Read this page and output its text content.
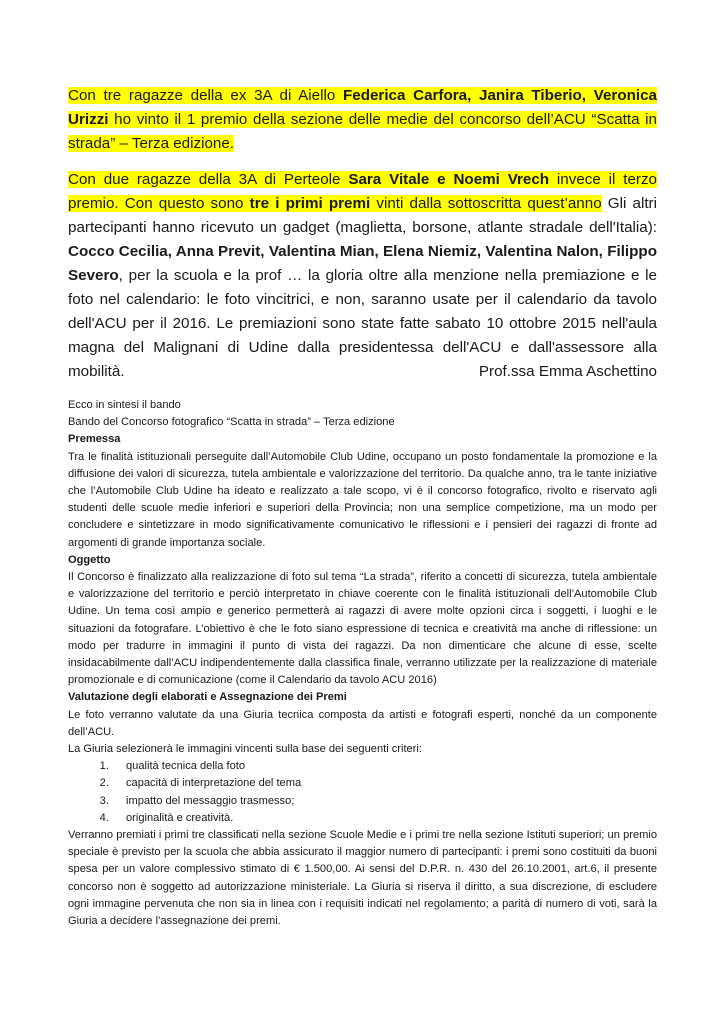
Con tre ragazze della ex 3A di Aiello Federica Carfora, Janira Tiberio, Veronica Urizzi ho vinto il 1 premio della sezione delle medie del concorso dell’ACU “Scatta in strada” – Terza edizione.

Con due ragazze della 3A di Perteole Sara Vitale e Noemi Vrech invece il terzo premio. Con questo sono tre i primi premi vinti dalla sottoscritta quest’anno Gli altri partecipanti hanno ricevuto un gadget (maglietta, borsone, atlante stradale dell'Italia): Cocco Cecilia, Anna Previt, Valentina Mian, Elena Niemiz, Valentina Nalon, Filippo Severo, per la scuola e la prof … la gloria oltre alla menzione nella premiazione e le foto nel calendario: le foto vincitrici, e non, saranno usate per il calendario da tavolo dell'ACU per il 2016. Le premiazioni sono state fatte sabato 10 ottobre 2015 nell'aula magna del Malignani di Udine dalla presidentessa dell'ACU e dall'assessore alla mobilità.	Prof.ssa Emma Aschettino

Ecco in sintesi il bando

Bando del Concorso fotografico “Scatta in strada” – Terza edizione

Premessa

Tra le finalità istituzionali perseguite dall’Automobile Club Udine, occupano un posto fondamentale la promozione e la diffusione dei valori di sicurezza, tutela ambientale e valorizzazione del territorio. Da qualche anno, tra le tante iniziative che l’Automobile Club Udine ha ideato e realizzato a tale scopo, vi è il concorso fotografico, rivolto e riservato agli studenti delle scuole medie inferiori e superiori della Provincia; non una semplice competizione, ma un modo per concludere e sintetizzare in modo significativamente comunicativo le riflessioni e i pensieri dei ragazzi di fronte ad argomenti di grande importanza sociale.

Oggetto

Il Concorso è finalizzato alla realizzazione di foto sul tema “La strada”, riferito a concetti di sicurezza, tutela ambientale e valorizzazione del territorio e perciò interpretato in chiave coerente con le finalità istituzionali dell’Automobile Club Udine. Un tema così ampio e generico permetterà ai ragazzi di avere molte opzioni circa i soggetti, i luoghi e le situazioni da fotografare. L’obiettivo è che le foto siano espressione di tecnica e creatività ma anche di riflessione: un modo per tradurre in immagini il punto di vista dei ragazzi. Da non dimenticare che alcune di esse, scelte insidacabilmente dall’ACU indipendentemente dalla classifica finale, verranno utilizzate per la realizzazione di materiale promozionale e di comunicazione (come il Calendario da tavolo ACU 2016)

Valutazione degli elaborati e Assegnazione dei Premi

Le foto verranno valutate da una Giuria tecnica composta da artisti e fotografi esperti, nonché da un componente dell’ACU.

La Giuria selezionerà le immagini vincenti sulla base dei seguenti criteri:

1. qualità tecnica della foto
2. capacità di interpretazione del tema
3. impatto del messaggio trasmesso;
4. originalità e creatività.

Verranno premiati i primi tre classificati nella sezione Scuole Medie e i primi tre nella sezione Istituti superiori; un premio speciale è previsto per la scuola che abbia assicurato il maggior numero di partecipanti: i premi sono costituiti da buoni spesa per un valore complessivo stimato di € 1.500,00. Ai sensi del D.P.R. n. 430 del 26.10.2001, art.6, il presente concorso non è soggetto ad autorizzazione ministeriale. La Giuria si riserva il diritto, a sua discrezione, di escludere ogni immagine pervenuta che non sia in linea con i requisiti indicati nel regolamento; a parità di numero di voti, sarà la Giuria a decidere l’assegnazione dei premi.
